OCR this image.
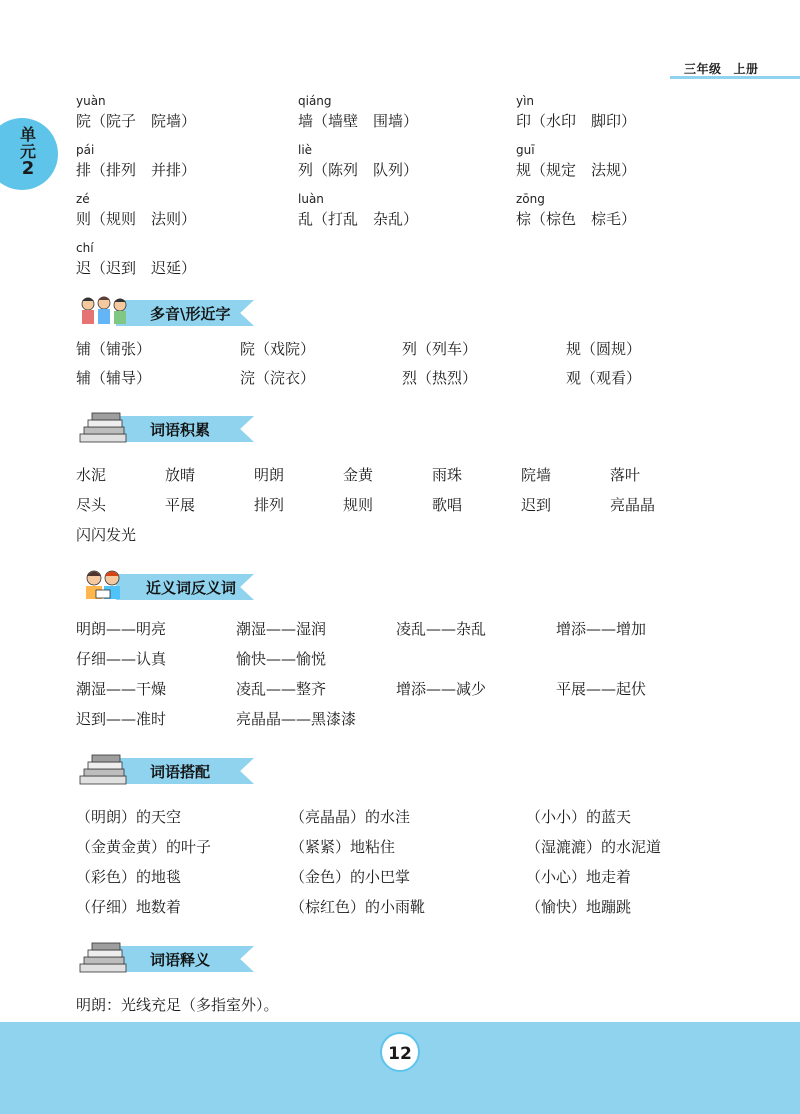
三年级 上册
单
元
2
yuàn
院（院子　院墙）
qiáng
墙（墙壁　围墙）
yìn
印（水印　脚印）
pái
排（排列　并排）
liè
列（陈列　队列）
guī
规（规定　法规）
zé
则（规则　法则）
luàn
乱（打乱　杂乱）
zōng
棕（棕色　棕毛）
chí
迟（迟到　迟延）
多音\形近字
铺（铺张）	院（戏院）	列（列车）	规（圆规）
辅（辅导）	浣（浣衣）	烈（热烈）	观（观看）
词语积累
水泥	放晴	明朗	金黄	雨珠	院墙	落叶
尽头	平展	排列	规则	歌唱	迟到	亮晶晶
闪闪发光
近义词反义词
明朗——明亮	潮湿——湿润	凌乱——杂乱	增添——增加
仔细——认真	愉快——愉悦
潮湿——干燥	凌乱——整齐	增添——减少	平展——起伏
迟到——准时	亮晶晶——黑漆漆
词语搭配
（明朗）的天空	（亮晶晶）的水洼	（小小）的蓝天
（金黄金黄）的叶子	（紧紧）地粘住	（湿漉漉）的水泥道
（彩色）的地毯	（金色）的小巴掌	（小心）地走着
（仔细）地数着	（棕红色）的小雨靴	（愉快）地蹦跳
词语释义
明朗：光线充足（多指室外）。
12
